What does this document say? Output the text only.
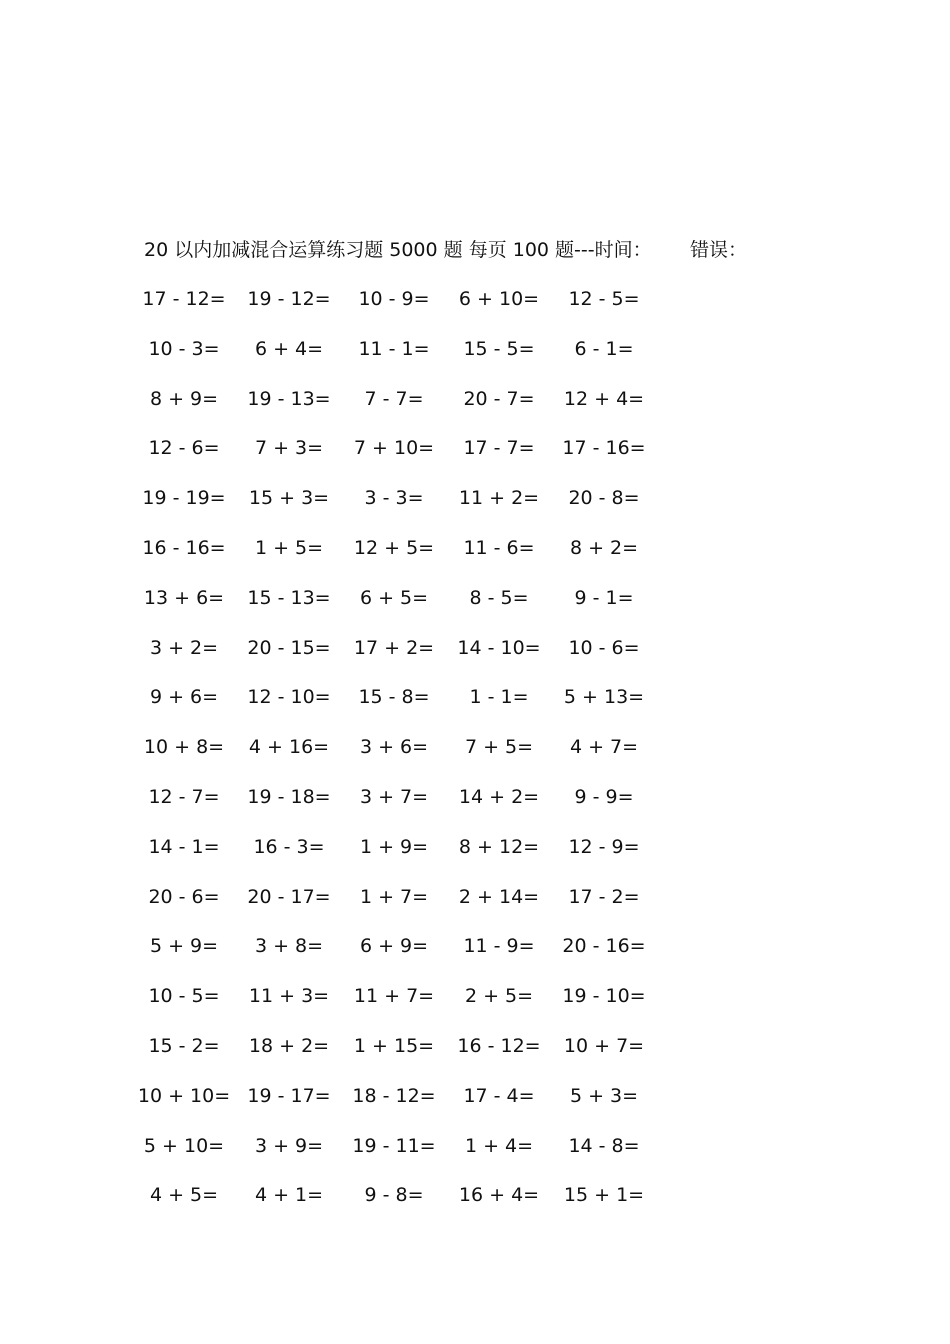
20 以内加减混合运算练习题 5000 题 每页 100 题---时间： 错误：
17 - 12=	19 - 12=	10 - 9=	6 + 10=	12 - 5=
10 - 3=	6 + 4=	11 - 1=	15 - 5=	6 - 1=
8 + 9=	19 - 13=	7 - 7=	20 - 7=	12 + 4=
12 - 6=	7 + 3=	7 + 10=	17 - 7=	17 - 16=
19 - 19=	15 + 3=	3 - 3=	11 + 2=	20 - 8=
16 - 16=	1 + 5=	12 + 5=	11 - 6=	8 + 2=
13 + 6=	15 - 13=	6 + 5=	8 - 5=	9 - 1=
3 + 2=	20 - 15=	17 + 2=	14 - 10=	10 - 6=
9 + 6=	12 - 10=	15 - 8=	1 - 1=	5 + 13=
10 + 8=	4 + 16=	3 + 6=	7 + 5=	4 + 7=
12 - 7=	19 - 18=	3 + 7=	14 + 2=	9 - 9=
14 - 1=	16 - 3=	1 + 9=	8 + 12=	12 - 9=
20 - 6=	20 - 17=	1 + 7=	2 + 14=	17 - 2=
5 + 9=	3 + 8=	6 + 9=	11 - 9=	20 - 16=
10 - 5=	11 + 3=	11 + 7=	2 + 5=	19 - 10=
15 - 2=	18 + 2=	1 + 15=	16 - 12=	10 + 7=
10 + 10= 19 - 17=	18 - 12=	17 - 4=	5 + 3=
5 + 10=	3 + 9=	19 - 11=	1 + 4=	14 - 8=
4 + 5=	4 + 1=	9 - 8=	16 + 4=	15 + 1=
